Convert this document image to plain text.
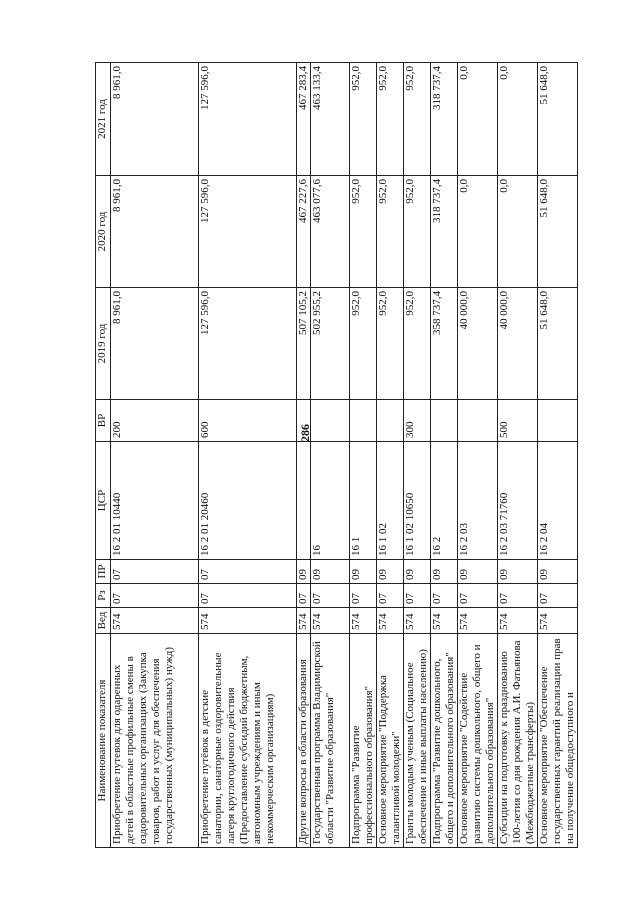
286
Наименование показателя	Вед	Рз	ПР	ЦСР	ВР	2019 год	2020 год	2021 год
Приобретение путевок для одаренных детей в областные профильные смены в оздоровительных организациях (Закупка товаров, работ и услуг для обеспечения государственных (муниципальных) нужд)	574	07	07	16 2 01 10440	200	8 961,0	8 961,0	8 961,0
Приобретение путёвок в детские санатории, санаторные оздоровительные лагеря круглогодичного действия (Предоставление субсидий бюджетным, автономным учреждениям и иным некоммерческим организациям)	574	07	07	16 2 01 20460	600	127 596,0	127 596,0	127 596,0
Другие вопросы в области образования	574	07	09			507 105,2	467 227,6	467 283,4
Государственная программа Владимирской области "Развитие образования"	574	07	09	16		502 955,2	463 077,6	463 133,4
Подпрограмма "Развитие профессионального образования"	574	07	09	16 1		952,0	952,0	952,0
Основное мероприятие "Поддержка талантливой молодежи"	574	07	09	16 1 02		952,0	952,0	952,0
Гранты молодым ученым (Социальное обеспечение и иные выплаты населению)	574	07	09	16 1 02 10650	300	952,0	952,0	952,0
Подпрограмма "Развитие дошкольного, общего и дополнительного образования"	574	07	09	16 2		358 737,4	318 737,4	318 737,4
Основное мероприятие "Содействие развитию системы дошкольного, общего и дополнительного образования"	574	07	09	16 2 03		40 000,0	0,0	0,0
Субсидии на подготовку к празднованию 100-летия со дня рождения А.И. Фатьянова (Межбюджетные трансферты)	574	07	09	16 2 03 71760	500	40 000,0	0,0	0,0
Основное мероприятие "Обеспечение государственных гарантий реализации прав на получение общедоступного и	574	07	09	16 2 04		51 648,0	51 648,0	51 648,0
